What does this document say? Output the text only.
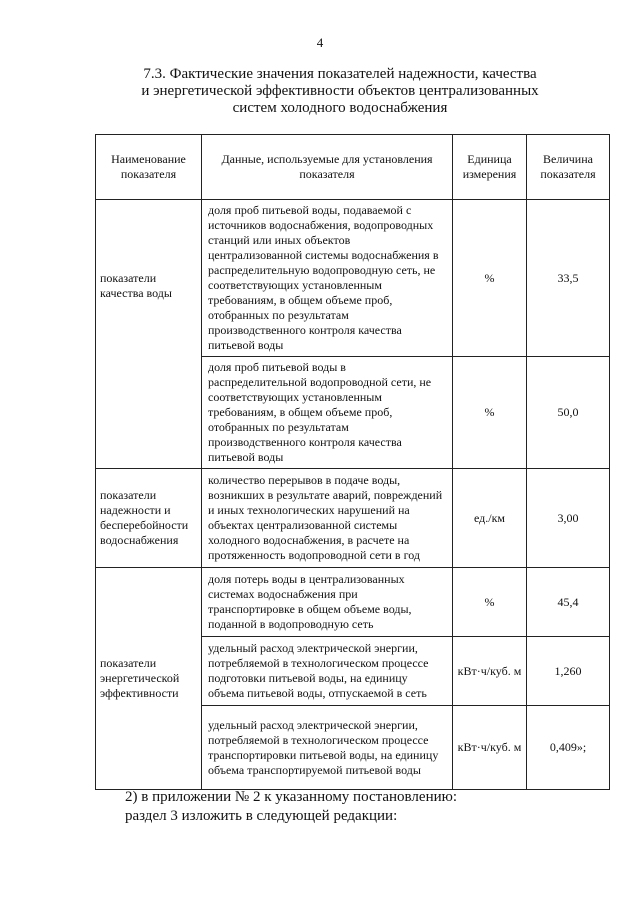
4
7.3. Фактические значения показателей надежности, качества
и энергетической эффективности объектов централизованных
систем холодного водоснабжения
Наименование показателя	Данные, используемые для установления показателя	Единица измерения	Величина показателя
показатели качества воды	доля проб питьевой воды, подаваемой с источников водоснабжения, водопроводных станций или иных объектов централизованной системы водоснабжения в распределительную водопроводную сеть, не соответствующих установленным требованиям, в общем объеме проб, отобранных по результатам производственного контроля качества питьевой воды	%	33,5
	доля проб питьевой воды в распределительной водопроводной сети, не соответствующих установленным требованиям, в общем объеме проб, отобранных по результатам производственного контроля качества питьевой воды	%	50,0
показатели надежности и бесперебойности водоснабжения	количество перерывов в подаче воды, возникших в результате аварий, повреждений и иных технологических нарушений на объектах централизованной системы холодного водоснабжения, в расчете на протяженность водопроводной сети в год	ед./км	3,00
показатели энергетической эффективности	доля потерь воды в централизованных системах водоснабжения при транспортировке в общем объеме воды, поданной в водопроводную сеть	%	45,4
	удельный расход электрической энергии, потребляемой в технологическом процессе подготовки питьевой воды, на единицу объема питьевой воды, отпускаемой в сеть	кВт·ч/куб. м	1,260
	удельный расход электрической энергии, потребляемой в технологическом процессе транспортировки питьевой воды, на единицу объема транспортируемой питьевой воды	кВт·ч/куб. м	0,409»;

2) в приложении № 2 к указанному постановлению:

раздел 3 изложить в следующей редакции:
